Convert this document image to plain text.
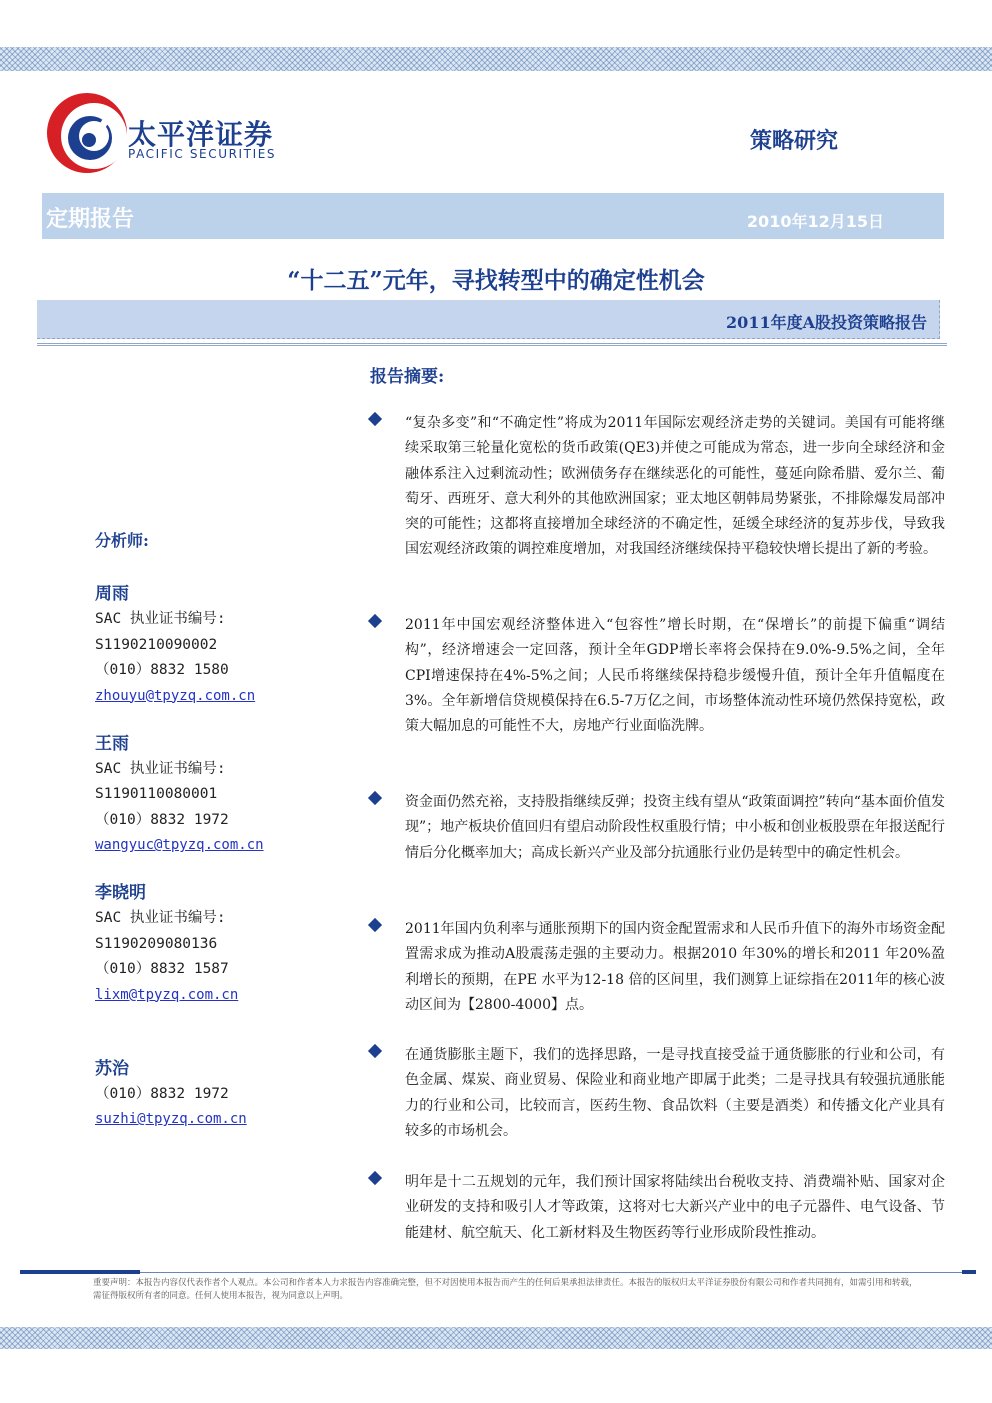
太平洋证券
PACIFIC SECURITIES	策略研究
定期报告	2010年12月15日
“十二五”元年，寻找转型中的确定性机会
2011年度A股投资策略报告
报告摘要:
分析师:
周雨
SAC 执业证书编号:
S1190210090002
（010）8832 1580
zhouyu@tpyzq.com.cn
王雨
SAC 执业证书编号:
S1190110080001
（010）8832 1972
wangyuc@tpyzq.com.cn
李晓明
SAC 执业证书编号:
S1190209080136
（010）8832 1587
lixm@tpyzq.com.cn
苏治
（010）8832 1972
suzhi@tpyzq.com.cn
“复杂多变”和“不确定性”将成为2011年国际宏观经济走势的关键词。美国有可能将继续采取第三轮量化宽松的货币政策(QE3)并使之可能成为常态，进一步向全球经济和金融体系注入过剩流动性；欧洲债务存在继续恶化的可能性，蔓延向除希腊、爱尔兰、葡萄牙、西班牙、意大利外的其他欧洲国家；亚太地区朝韩局势紧张，不排除爆发局部冲突的可能性；这都将直接增加全球经济的不确定性，延缓全球经济的复苏步伐，导致我国宏观经济政策的调控难度增加，对我国经济继续保持平稳较快增长提出了新的考验。
2011年中国宏观经济整体进入“包容性”增长时期，在“保增长”的前提下偏重“调结构”，经济增速会一定回落，预计全年GDP增长率将会保持在9.0%-9.5%之间，全年CPI增速保持在4%-5%之间；人民币将继续保持稳步缓慢升值，预计全年升值幅度在3%。全年新增信贷规模保持在6.5-7万亿之间，市场整体流动性环境仍然保持宽松，政策大幅加息的可能性不大，房地产行业面临洗牌。
资金面仍然充裕，支持股指继续反弹；投资主线有望从“政策面调控”转向“基本面价值发现”；地产板块价值回归有望启动阶段性权重股行情；中小板和创业板股票在年报送配行情后分化概率加大；高成长新兴产业及部分抗通胀行业仍是转型中的确定性机会。
2011年国内负利率与通胀预期下的国内资金配置需求和人民币升值下的海外市场资金配置需求成为推动A股震荡走强的主要动力。根据2010 年30%的增长和2011 年20%盈利增长的预期，在PE 水平为12-18 倍的区间里，我们测算上证综指在2011年的核心波动区间为【2800-4000】点。
在通货膨胀主题下，我们的选择思路，一是寻找直接受益于通货膨胀的行业和公司，有色金属、煤炭、商业贸易、保险业和商业地产即属于此类；二是寻找具有较强抗通胀能力的行业和公司，比较而言，医药生物、食品饮料（主要是酒类）和传播文化产业具有较多的市场机会。
明年是十二五规划的元年，我们预计国家将陆续出台税收支持、消费端补贴、国家对企业研发的支持和吸引人才等政策，这将对七大新兴产业中的电子元器件、电气设备、节能建材、航空航天、化工新材料及生物医药等行业形成阶段性推动。
重要声明：本报告内容仅代表作者个人观点。本公司和作者本人力求报告内容准确完整，但不对因使用本报告而产生的任何后果承担法律责任。本报告的版权归太平洋证券股份有限公司和作者共同拥有，如需引用和转载，需征得版权所有者的同意。任何人使用本报告，视为同意以上声明。
